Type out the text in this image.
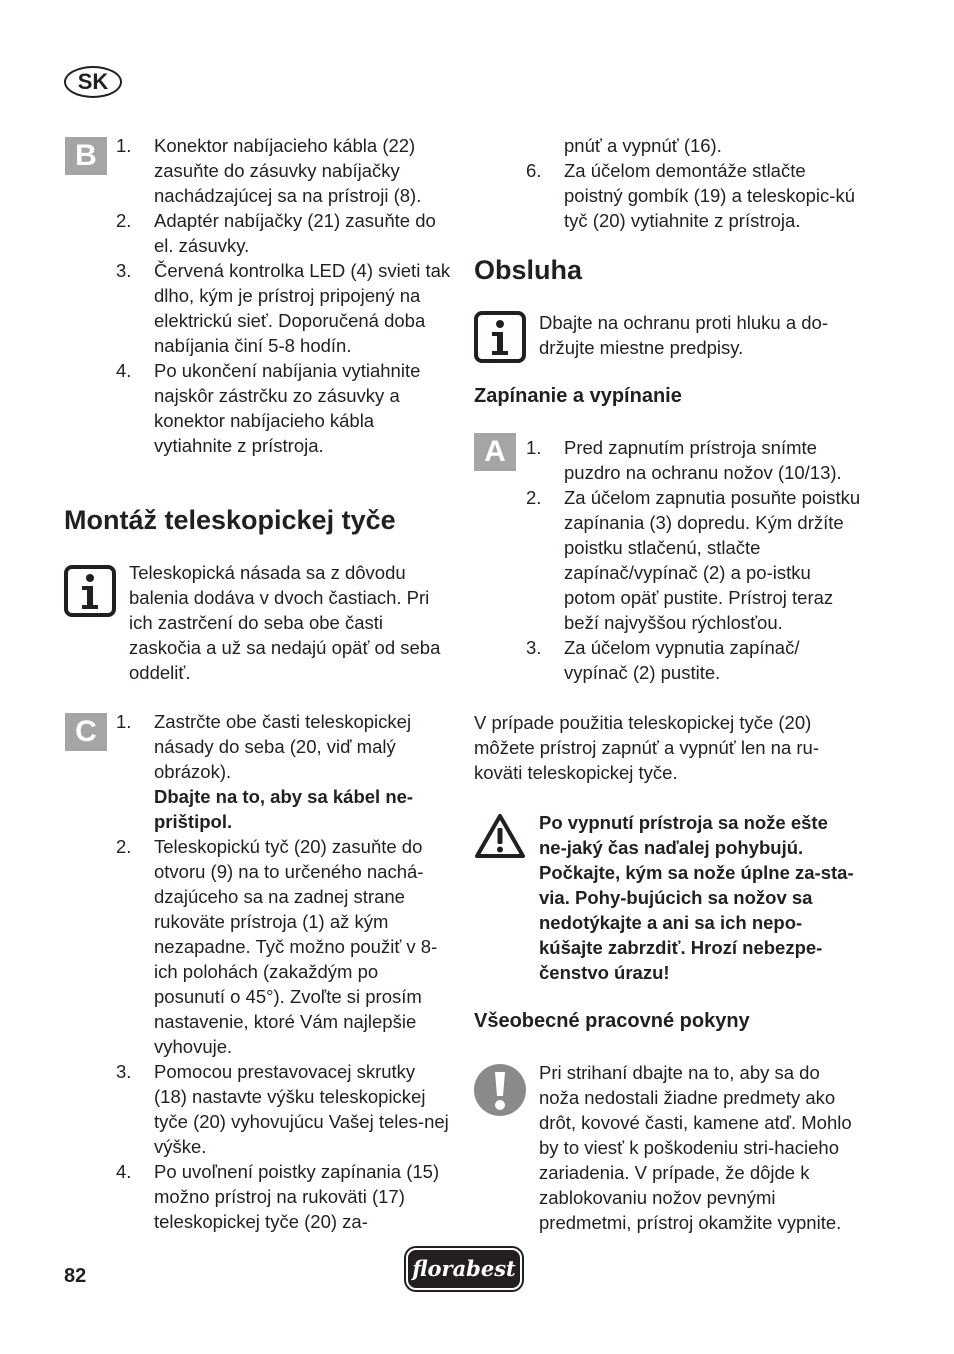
SK
B	1.	Konektor nabíjacieho kábla (22) zasuňte do zásuvky nabíjačky nachádzajúcej sa na prístroji (8).
2.	Adaptér nabíjačky (21) zasuňte do el. zásuvky.
3.	Červená kontrolka LED (4) svieti tak dlho, kým je prístroj pripojený na elektrickú sieť. Doporučená doba nabíjania činí 5-8 hodín.
4.	Po ukončení nabíjania vytiahnite najskôr zástrčku zo zásuvky a konektor nabíjacieho kábla vytiahnite z prístroja.
Montáž teleskopickej tyče

Teleskopická násada sa z dôvodu balenia dodáva v dvoch častiach. Pri ich zastrčení do seba obe časti zaskočia a už sa nedajú opäť od seba oddeliť.

C	1.	Zastrčte obe časti teleskopickej násady do seba (20, viď malý obrázok).
Dbajte na to, aby sa kábel ne-prištipol.
2.	Teleskopickú tyč (20) zasuňte do otvoru (9) na to určeného nachá-dzajúceho sa na zadnej strane rukoväte prístroja (1) až kým nezapadne. Tyč možno použiť v 8-ich polohách (zakaždým po posunutí o 45°). Zvoľte si prosím nastavenie, ktoré Vám najlepšie vyhovuje.
3.	Pomocou prestavovacej skrutky (18) nastavte výšku teleskopickej tyče (20) vyhovujúcu Vašej teles-nej výške.
4.	Po uvoľnení poistky zapínania (15) možno prístroj na rukoväti (17) teleskopickej tyče (20) za-

pnúť a vypnúť (16).

6.	Za účelom demontáže stlačte poistný gombík (19) a teleskopic-kú tyč (20) vytiahnite z prístroja.
Obsluha

Dbajte na ochranu proti hluku a do-držujte miestne predpisy.

Zapínanie a vypínanie
A	1.	Pred zapnutím prístroja snímte puzdro na ochranu nožov (10/13).
2.	Za účelom zapnutia posuňte poistku zapínania (3) dopredu. Kým držíte poistku stlačenú, stlačte zapínač/vypínač (2) a po-istku potom opäť pustite. Prístroj teraz beží najvyššou rýchlosťou.
3.	Za účelom vypnutia zapínač/ vypínač (2) pustite.

V prípade použitia teleskopickej tyče (20) môžete prístroj zapnúť a vypnúť len na ru-koväti teleskopickej tyče.

Po vypnutí prístroja sa nože ešte ne-jaký čas naďalej pohybujú. Počkajte, kým sa nože úplne za-sta-via. Pohy-bujúcich sa nožov sa nedotýkajte a ani sa ich nepo-kúšajte zabrzdiť. Hrozí nebezpe-čenstvo úrazu!

Všeobecné pracovné pokyny

Pri strihaní dbajte na to, aby sa do noža nedostali žiadne predmety ako drôt, kovové časti, kamene atď. Mohlo by to viesť k poškodeniu stri-hacieho zariadenia. V prípade, že dôjde k zablokovaniu nožov pevnými predmetmi, prístroj okamžite vypnite.

82	florabest
